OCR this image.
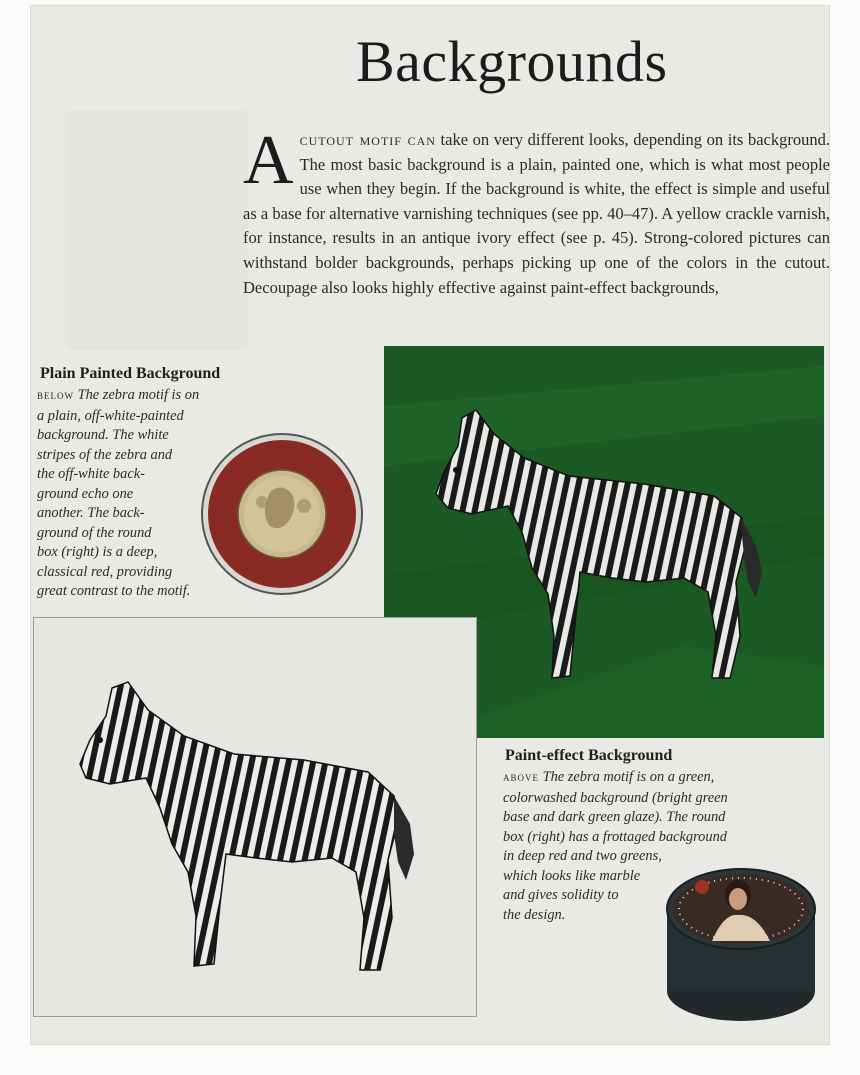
Backgrounds
Acutout motif can take on very different looks, depending on its background. The most basic background is a plain, painted one, which is what most people use when they begin. If the background is white, the effect is simple and useful as a base for alternative varnishing techniques (see pp. 40–47). A yellow crackle varnish, for instance, results in an antique ivory effect (see p. 45). Strong-colored pictures can withstand bolder backgrounds, perhaps picking up one of the colors in the cutout. Decoupage also looks highly effective against paint-effect backgrounds,
Plain Painted Background
BELOW The zebra motif is on
a plain, off-white-painted
background. The white
stripes of the zebra and
the off-white back-
ground echo one
another. The back-
ground of the round
box (right) is a deep,
classical red, providing
great contrast to the motif.
Paint-effect Background
ABOVE The zebra motif is on a green,
colorwashed background (bright green
base and dark green glaze). The round
box (right) has a frottaged background
in deep red and two greens,
which looks like marble
and gives solidity to
the design.
